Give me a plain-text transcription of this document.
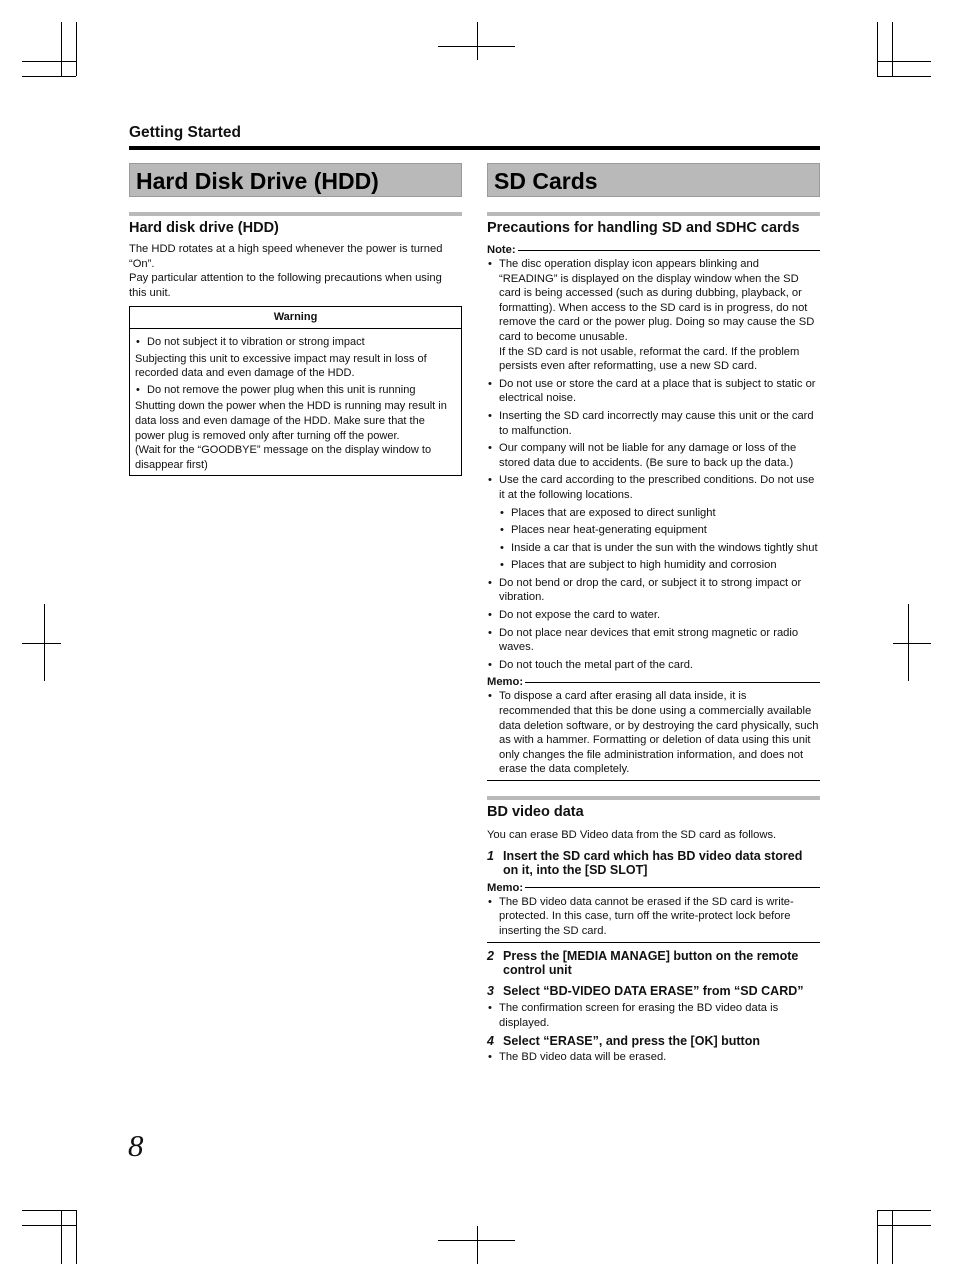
Getting Started
Hard Disk Drive (HDD)
Hard disk drive (HDD)

The HDD rotates at a high speed whenever the power is turned “On”.

Pay particular attention to the following precautions when using this unit.

Warning
• Do not subject it to vibration or strong impact
Subjecting this unit to excessive impact may result in loss of recorded data and even damage of the HDD.
• Do not remove the power plug when this unit is running
Shutting down the power when the HDD is running may result in data loss and even damage of the HDD. Make sure that the power plug is removed only after turning off the power.
(Wait for the “GOODBYE” message on the display window to disappear first)
SD Cards
Precautions for handling SD and SDHC cards
Note:
• The disc operation display icon appears blinking and “READING” is displayed on the display window when the SD card is being accessed (such as during dubbing, playback, or formatting). When access to the SD card is in progress, do not remove the card or the power plug. Doing so may cause the SD card to become unusable.
If the SD card is not usable, reformat the card. If the problem persists even after reformatting, use a new SD card.
• Do not use or store the card at a place that is subject to static or electrical noise.
• Inserting the SD card incorrectly may cause this unit or the card to malfunction.
• Our company will not be liable for any damage or loss of the stored data due to accidents. (Be sure to back up the data.)
• Use the card according to the prescribed conditions. Do not use it at the following locations.
• Places that are exposed to direct sunlight
• Places near heat-generating equipment
• Inside a car that is under the sun with the windows tightly shut
• Places that are subject to high humidity and corrosion
• Do not bend or drop the card, or subject it to strong impact or vibration.
• Do not expose the card to water.
• Do not place near devices that emit strong magnetic or radio waves.
• Do not touch the metal part of the card.
Memo:
• To dispose a card after erasing all data inside, it is recommended that this be done using a commercially available data deletion software, or by destroying the card physically, such as with a hammer. Formatting or deletion of data using this unit only changes the file administration information, and does not erase the data completely.
BD video data
You can erase BD Video data from the SD card as follows.
1 Insert the SD card which has BD video data stored on it, into the [SD SLOT]
Memo:
• The BD video data cannot be erased if the SD card is write-protected. In this case, turn off the write-protect lock before inserting the SD card.
2 Press the [MEDIA MANAGE] button on the remote control unit
3 Select “BD-VIDEO DATA ERASE” from “SD CARD”
• The confirmation screen for erasing the BD video data is displayed.
4 Select “ERASE”, and press the [OK] button
• The BD video data will be erased.
8
